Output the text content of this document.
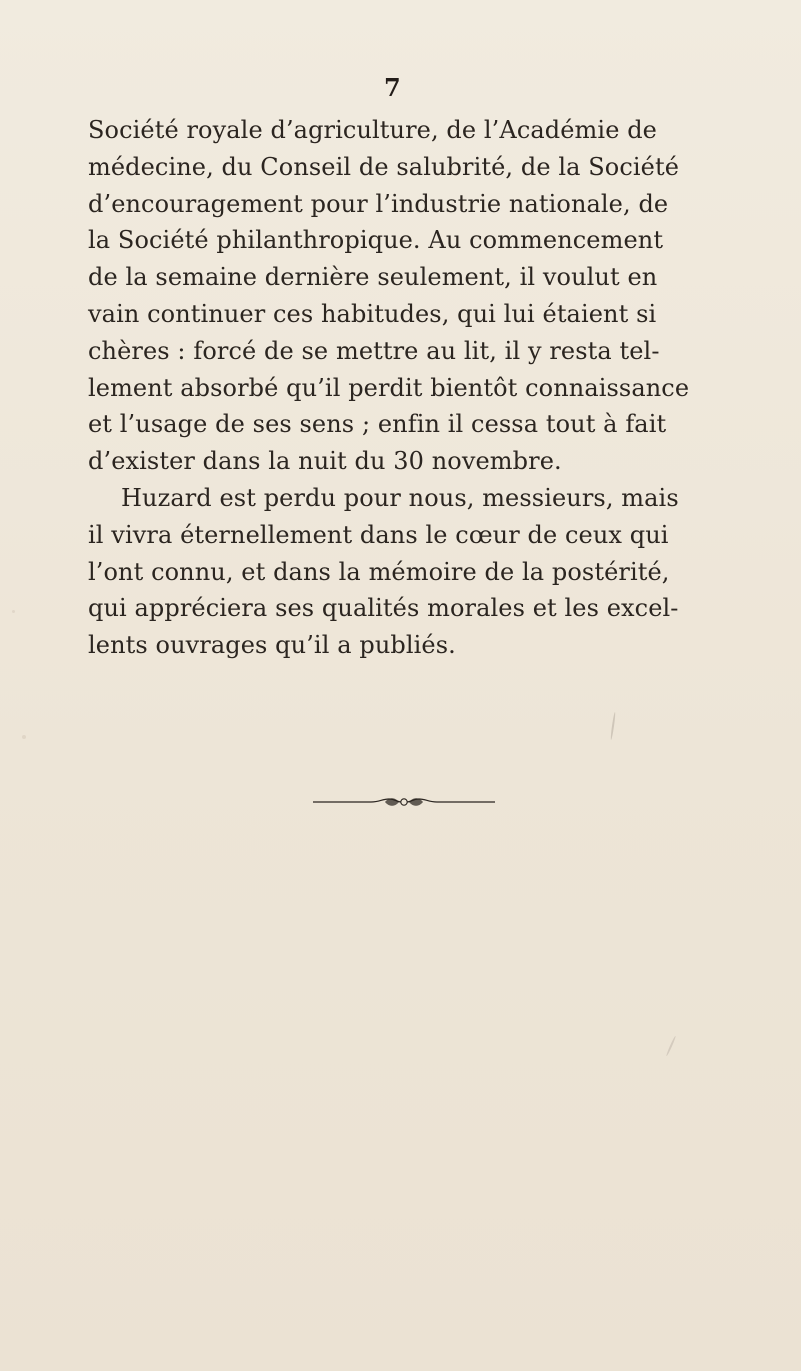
7
Société royale d’agriculture, de l’Académie de
médecine, du Conseil de salubrité, de la Société
d’encouragement pour l’industrie nationale, de
la Société philanthropique. Au commencement
de la semaine dernière seulement, il voulut en
vain continuer ces habitudes, qui lui étaient si
chères : forcé de se mettre au lit, il y resta tel-
lement absorbé qu’il perdit bientôt connaissance
et l’usage de ses sens ; enfin il cessa tout à fait
d’exister dans la nuit du 30 novembre.
Huzard est perdu pour nous, messieurs, mais
il vivra éternellement dans le cœur de ceux qui
l’ont connu, et dans la mémoire de la postérité,
qui appréciera ses qualités morales et les excel-
lents ouvrages qu’il a publiés.
